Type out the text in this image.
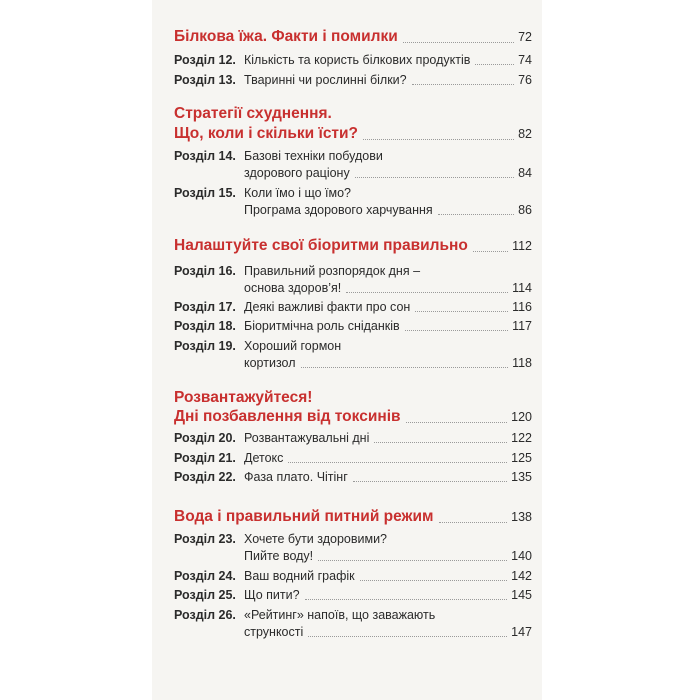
Білкова їжа. Факти і помилки	72
Розділ 12. Кількість та користь білкових продуктів	74
Розділ 13. Тваринні чи рослинні білки?	76
Стратегії схуднення.
Що, коли і скільки їсти?	82
Розділ 14. Базові техніки побудови
здорового раціону	84
Розділ 15. Коли їмо і що їмо?
Програма здорового харчування	86
Налаштуйте свої біоритми правильно	112
Розділ 16. Правильний розпорядок дня –
основа здоров’я!	114
Розділ 17. Деякі важливі факти про сон	116
Розділ 18. Біоритмічна роль сніданків	117
Розділ 19. Хороший гормон
кортизол	118
Розвантажуйтеся!
Дні позбавлення від токсинів	120
Розділ 20. Розвантажувальні дні	122
Розділ 21. Детокс	125
Розділ 22. Фаза плато. Чітінг	135
Вода і правильний питний режим	138
Розділ 23. Хочете бути здоровими?
Пийте воду!	140
Розділ 24. Ваш водний графік	142
Розділ 25. Що пити?	145
Розділ 26. «Рейтинг» напоїв, що заважають
стрункості	147
